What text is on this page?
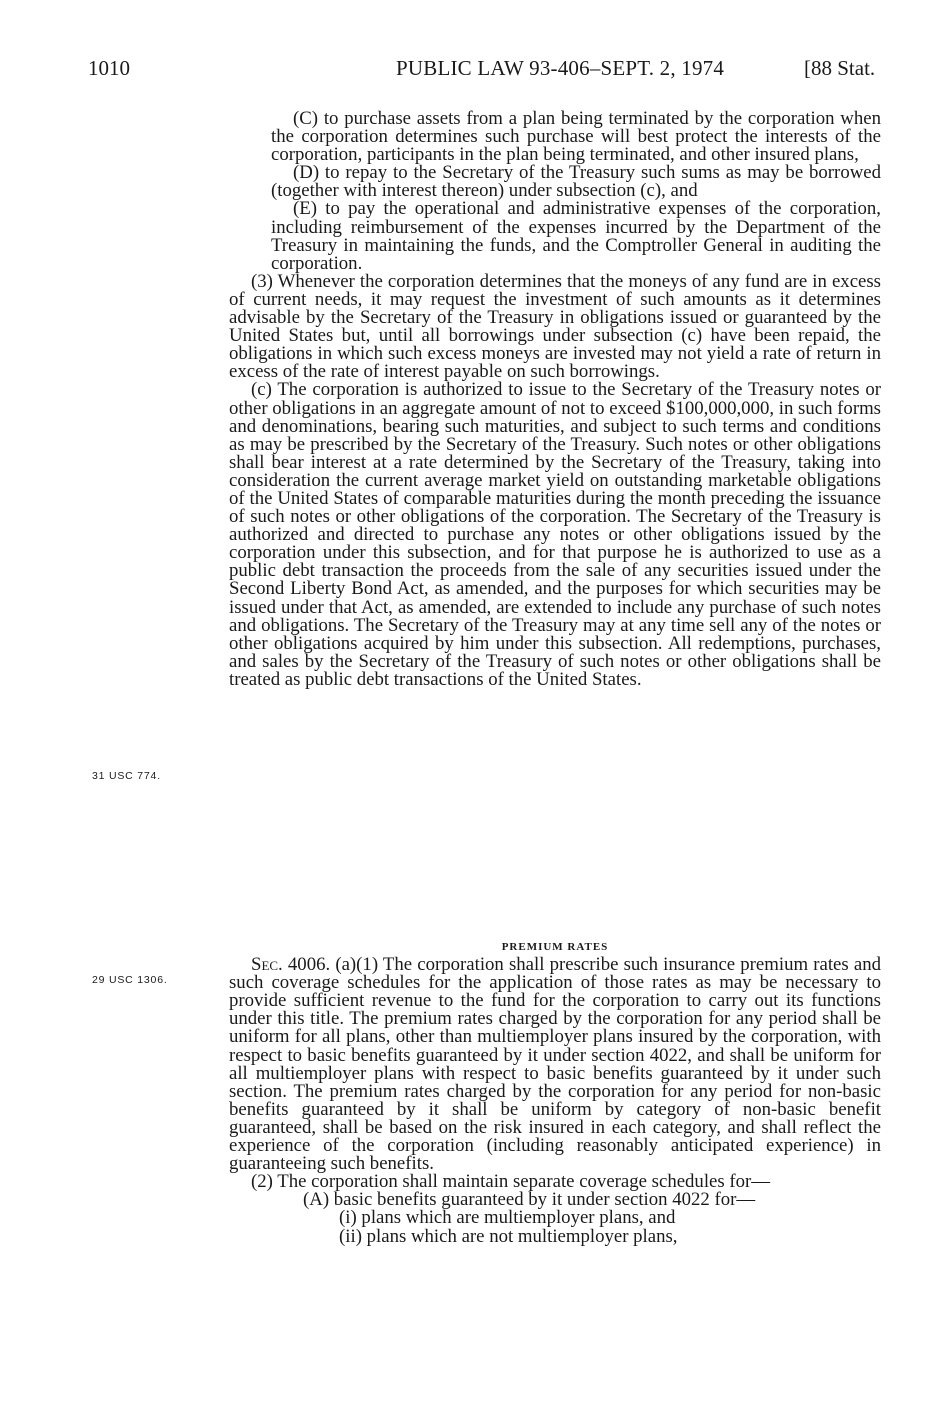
1010	PUBLIC LAW 93-406–SEPT. 2, 1974	[88 Stat.
31 USC 774.
29 USC 1306.

(C) to purchase assets from a plan being terminated by the corporation when the corporation determines such purchase will best protect the interests of the corporation, participants in the plan being terminated, and other insured plans,

(D) to repay to the Secretary of the Treasury such sums as may be borrowed (together with interest thereon) under subsection (c), and

(E) to pay the operational and administrative expenses of the corporation, including reimbursement of the expenses incurred by the Department of the Treasury in maintaining the funds, and the Comptroller General in auditing the corporation.

(3) Whenever the corporation determines that the moneys of any fund are in excess of current needs, it may request the investment of such amounts as it determines advisable by the Secretary of the Treasury in obligations issued or guaranteed by the United States but, until all borrowings under subsection (c) have been repaid, the obligations in which such excess moneys are invested may not yield a rate of return in excess of the rate of interest payable on such borrowings.

(c) The corporation is authorized to issue to the Secretary of the Treasury notes or other obligations in an aggregate amount of not to exceed $100,000,000, in such forms and denominations, bearing such maturities, and subject to such terms and conditions as may be prescribed by the Secretary of the Treasury. Such notes or other obligations shall bear interest at a rate determined by the Secretary of the Treasury, taking into consideration the current average market yield on outstanding marketable obligations of the United States of comparable maturities during the month preceding the issuance of such notes or other obligations of the corporation. The Secretary of the Treasury is authorized and directed to purchase any notes or other obligations issued by the corporation under this subsection, and for that purpose he is authorized to use as a public debt transaction the proceeds from the sale of any securities issued under the Second Liberty Bond Act, as amended, and the purposes for which securities may be issued under that Act, as amended, are extended to include any purchase of such notes and obligations. The Secretary of the Treasury may at any time sell any of the notes or other obligations acquired by him under this subsection. All redemptions, purchases, and sales by the Secretary of the Treasury of such notes or other obligations shall be treated as public debt transactions of the United States.

PREMIUM RATES

Sec. 4006. (a)(1) The corporation shall prescribe such insurance premium rates and such coverage schedules for the application of those rates as may be necessary to provide sufficient revenue to the fund for the corporation to carry out its functions under this title. The premium rates charged by the corporation for any period shall be uniform for all plans, other than multiemployer plans insured by the corporation, with respect to basic benefits guaranteed by it under section 4022, and shall be uniform for all multiemployer plans with respect to basic benefits guaranteed by it under such section. The premium rates charged by the corporation for any period for non-basic benefits guaranteed by it shall be uniform by category of non-basic benefit guaranteed, shall be based on the risk insured in each category, and shall reflect the experience of the corporation (including reasonably anticipated experience) in guaranteeing such benefits.

(2) The corporation shall maintain separate coverage schedules for—

(A) basic benefits guaranteed by it under section 4022 for—

(i) plans which are multiemployer plans, and

(ii) plans which are not multiemployer plans,
